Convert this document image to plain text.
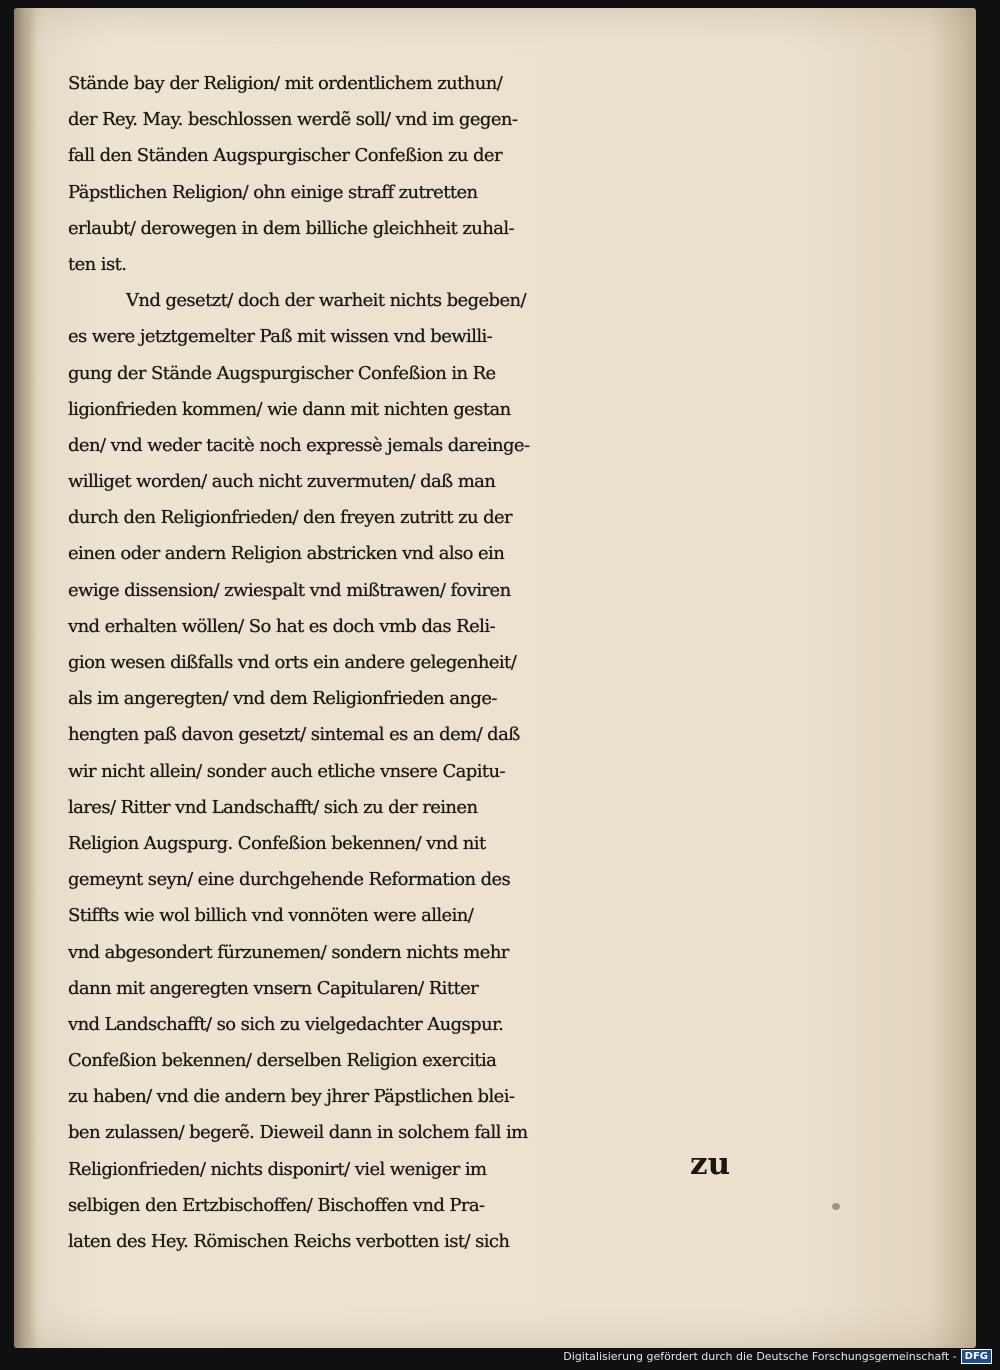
Stände bay der Religion/ mit ordentlichem zuthun/
der Rey. May. beschlossen werdẽ soll/ vnd im gegen-
fall den Ständen Augspurgischer Confeßion zu der
Päpstlichen Religion/ ohn einige straff zutretten
erlaubt/ derowegen in dem billiche gleichheit zuhal-
ten ist.
Vnd gesetzt/ doch der warheit nichts begeben/
es were jetztgemelter Paß mit wissen vnd bewilli-
gung der Stände Augspurgischer Confeßion in Re
ligionfrieden kommen/ wie dann mit nichten gestan
den/ vnd weder tacitè noch expressè jemals dareinge-
williget worden/ auch nicht zuvermuten/ daß man
durch den Religionfrieden/ den freyen zutritt zu der
einen oder andern Religion abstricken vnd also ein
ewige dissension/ zwiespalt vnd mißtrawen/ foviren
vnd erhalten wöllen/ So hat es doch vmb das Reli-
gion wesen dißfalls vnd orts ein andere gelegenheit/
als im angeregten/ vnd dem Religionfrieden ange-
hengten paß davon gesetzt/ sintemal es an dem/ daß
wir nicht allein/ sonder auch etliche vnsere Capitu-
lares/ Ritter vnd Landschafft/ sich zu der reinen
Religion Augspurg. Confeßion bekennen/ vnd nit
gemeynt seyn/ eine durchgehende Reformation des
Stiffts wie wol billich vnd vonnöten were allein/
vnd abgesondert fürzunemen/ sondern nichts mehr
dann mit angeregten vnsern Capitularen/ Ritter
vnd Landschafft/ so sich zu vielgedachter Augspur.
Confeßion bekennen/ derselben Religion exercitia
zu haben/ vnd die andern bey jhrer Päpstlichen blei-
ben zulassen/ begerẽ. Dieweil dann in solchem fall im
Religionfrieden/ nichts disponirt/ viel weniger im
selbigen den Ertzbischoffen/ Bischoffen vnd Pra-
laten des Hey. Römischen Reichs verbotten ist/ sich
zu
Digitalisierung gefördert durch die Deutsche Forschungsgemeinschaft - DFG
